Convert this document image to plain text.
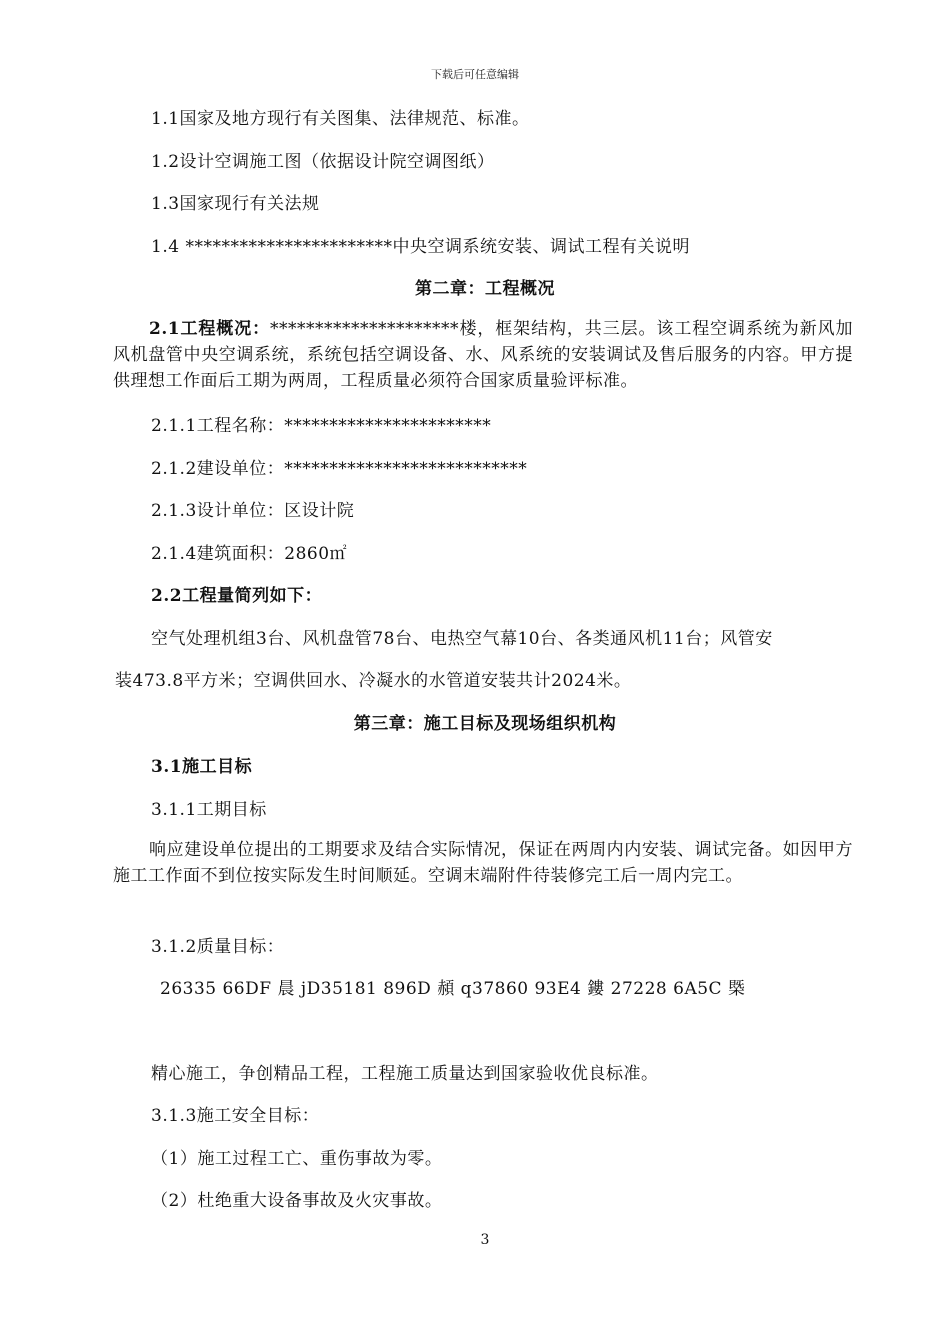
下载后可任意编辑
1.1国家及地方现行有关图集、法律规范、标准。
1.2设计空调施工图（依据设计院空调图纸）
1.3国家现行有关法规
1.4 ***********************中央空调系统安装、调试工程有关说明
第二章：工程概况
2.1工程概况：*********************楼，框架结构，共三层。该工程空调系统为新风加风机盘管中央空调系统，系统包括空调设备、水、风系统的安装调试及售后服务的内容。甲方提供理想工作面后工期为两周，工程质量必须符合国家质量验评标准。
2.1.1工程名称：***********************
2.1.2建设单位：***************************
2.1.3设计单位：区设计院
2.1.4建筑面积：2860㎡
2.2工程量简列如下：
空气处理机组3台、风机盘管78台、电热空气幕10台、各类通风机11台；风管安
装473.8平方米；空调供回水、冷凝水的水管道安装共计2024米。
第三章：施工目标及现场组织机构
3.1施工目标
3.1.1工期目标
响应建设单位提出的工期要求及结合实际情况，保证在两周内内安装、调试完备。如因甲方施工工作面不到位按实际发生时间顺延。空调末端附件待装修完工后一周内完工。
3.1.2质量目标：
26335 66DF 晨 jD35181 896D 頳 q37860 93E4 鏤 27228 6A5C 槩
精心施工，争创精品工程，工程施工质量达到国家验收优良标准。
3.1.3施工安全目标：
（1）施工过程工亡、重伤事故为零。
（2）杜绝重大设备事故及火灾事故。
3
